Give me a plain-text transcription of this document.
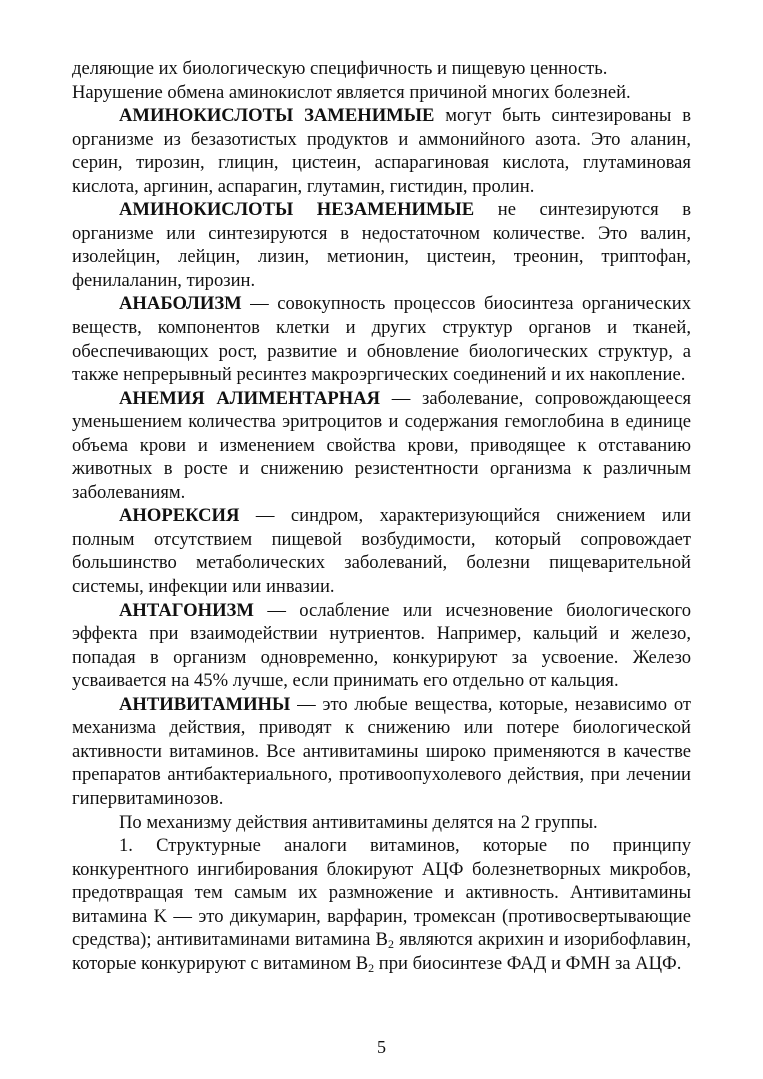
деляющие их биологическую специфичность и пищевую ценность.
Нарушение обмена аминокислот является причиной многих болезней.

АМИНОКИСЛОТЫ ЗАМЕНИМЫЕ могут быть синтезированы в организме из безазотистых продуктов и аммонийного азота. Это аланин, серин, тирозин, глицин, цистеин, аспарагиновая кислота, глутаминовая кислота, аргинин, аспарагин, глутамин, гистидин, пролин.

АМИНОКИСЛОТЫ НЕЗАМЕНИМЫЕ не синтезируются в организме или синтезируются в недостаточном количестве. Это валин, изолейцин, лейцин, лизин, метионин, цистеин, треонин, триптофан, фенилаланин, тирозин.

АНАБОЛИЗМ — совокупность процессов биосинтеза органических веществ, компонентов клетки и других структур органов и тканей, обеспечивающих рост, развитие и обновление биологических структур, а также непрерывный ресинтез макроэргических соединений и их накопление.

АНЕМИЯ АЛИМЕНТАРНАЯ — заболевание, сопровождающееся уменьшением количества эритроцитов и содержания гемоглобина в единице объема крови и изменением свойства крови, приводящее к отставанию животных в росте и снижению резистентности организма к различным заболеваниям.

АНОРЕКСИЯ — синдром, характеризующийся снижением или полным отсутствием пищевой возбудимости, который сопровождает большинство метаболических заболеваний, болезни пищеварительной системы, инфекции или инвазии.

АНТАГОНИЗМ — ослабление или исчезновение биологического эффекта при взаимодействии нутриентов. Например, кальций и железо, попадая в организм одновременно, конкурируют за усвоение. Железо усваивается на 45% лучше, если принимать его отдельно от кальция.

АНТИВИТАМИНЫ — это любые вещества, которые, независимо от механизма действия, приводят к снижению или потере биологической активности витаминов. Все антивитамины широко применяются в качестве препаратов антибактериального, противоопухолевого действия, при лечении гипервитаминозов.

По механизму действия антивитамины делятся на 2 группы.

1. Структурные аналоги витаминов, которые по принципу конкурентного ингибирования блокируют АЦФ болезнетворных микробов, предотвращая тем самым их размножение и активность. Антивитамины витамина K — это дикумарин, варфарин, тромексан (противосвертывающие средства); антивитаминами витамина $B_2$ являются акрихин и изорибофлавин, которые конкурируют с витамином $B_2$ при биосинтезе ФАД и ФМН за АЦФ.

5
